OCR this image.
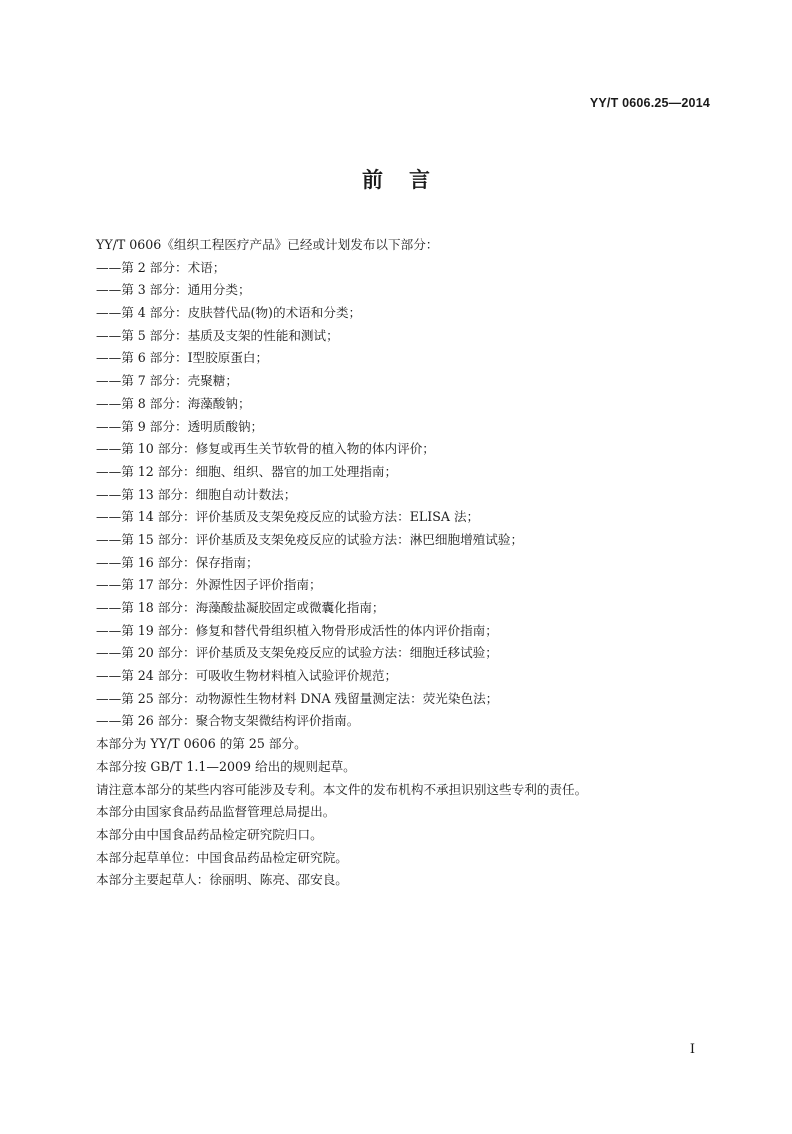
YY/T 0606.25—2014
前言
YY/T 0606《组织工程医疗产品》已经或计划发布以下部分：
——第 2 部分：术语；
——第 3 部分：通用分类；
——第 4 部分：皮肤替代品(物)的术语和分类；
——第 5 部分：基质及支架的性能和测试；
——第 6 部分：Ⅰ型胶原蛋白；
——第 7 部分：壳聚糖；
——第 8 部分：海藻酸钠；
——第 9 部分：透明质酸钠；
——第 10 部分：修复或再生关节软骨的植入物的体内评价；
——第 12 部分：细胞、组织、器官的加工处理指南；
——第 13 部分：细胞自动计数法；
——第 14 部分：评价基质及支架免疫反应的试验方法：ELISA 法；
——第 15 部分：评价基质及支架免疫反应的试验方法：淋巴细胞增殖试验；
——第 16 部分：保存指南；
——第 17 部分：外源性因子评价指南；
——第 18 部分：海藻酸盐凝胶固定或微囊化指南；
——第 19 部分：修复和替代骨组织植入物骨形成活性的体内评价指南；
——第 20 部分：评价基质及支架免疫反应的试验方法：细胞迁移试验；
——第 24 部分：可吸收生物材料植入试验评价规范；
——第 25 部分：动物源性生物材料 DNA 残留量测定法：荧光染色法；
——第 26 部分：聚合物支架微结构评价指南。
本部分为 YY/T 0606 的第 25 部分。
本部分按 GB/T 1.1—2009 给出的规则起草。
请注意本部分的某些内容可能涉及专利。本文件的发布机构不承担识别这些专利的责任。
本部分由国家食品药品监督管理总局提出。
本部分由中国食品药品检定研究院归口。
本部分起草单位：中国食品药品检定研究院。
本部分主要起草人：徐丽明、陈亮、邵安良。
I
